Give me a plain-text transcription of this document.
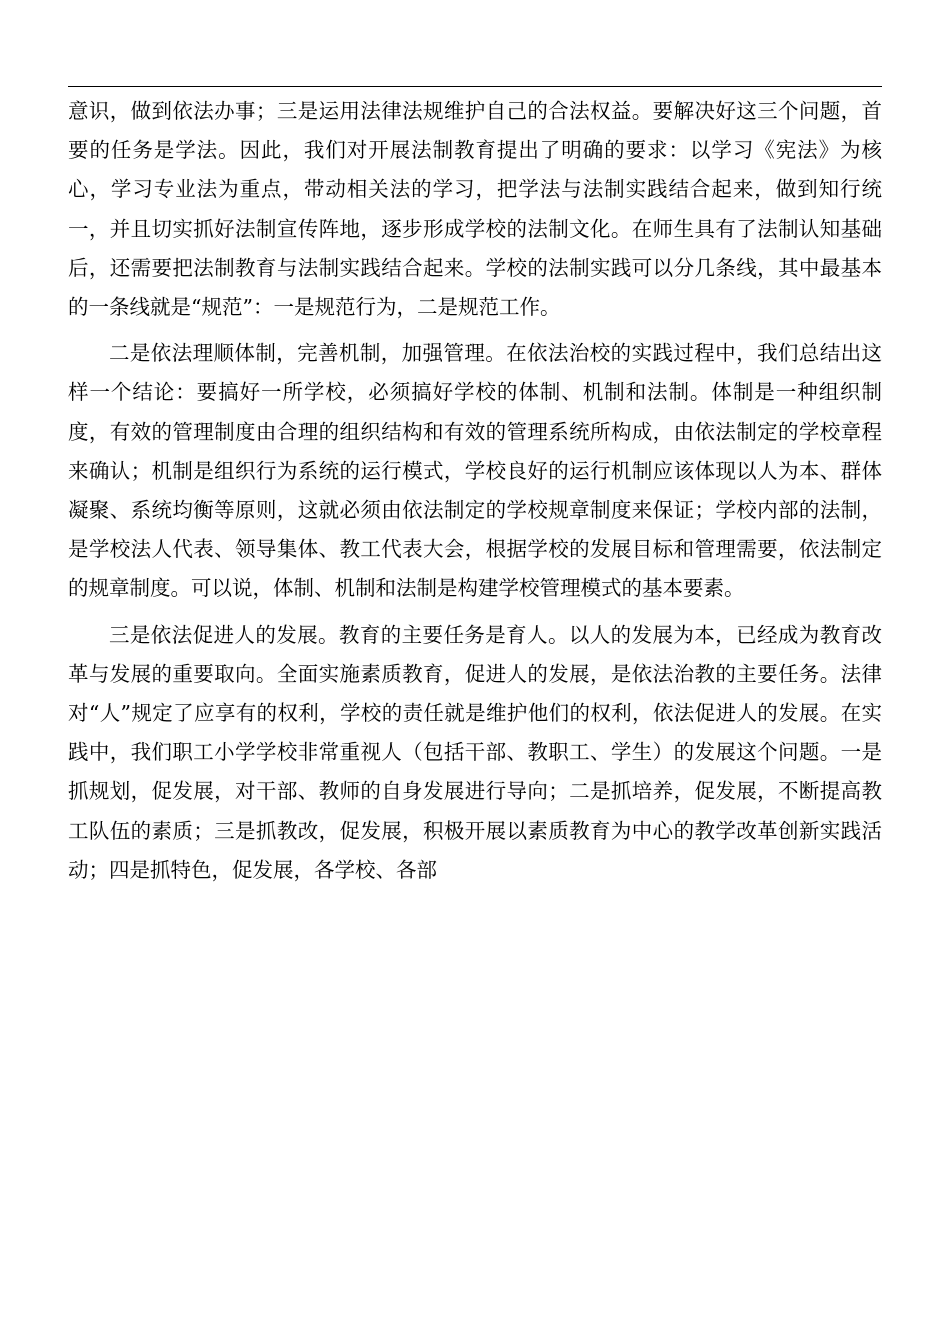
意识，做到依法办事；三是运用法律法规维护自己的合法权益。要解决好这三个问题，首要的任务是学法。因此，我们对开展法制教育提出了明确的要求：以学习《宪法》为核心，学习专业法为重点，带动相关法的学习，把学法与法制实践结合起来，做到知行统一，并且切实抓好法制宣传阵地，逐步形成学校的法制文化。在师生具有了法制认知基础后，还需要把法制教育与法制实践结合起来。学校的法制实践可以分几条线，其中最基本的一条线就是“规范”：一是规范行为，二是规范工作。

二是依法理顺体制，完善机制，加强管理。在依法治校的实践过程中，我们总结出这样一个结论：要搞好一所学校，必须搞好学校的体制、机制和法制。体制是一种组织制度，有效的管理制度由合理的组织结构和有效的管理系统所构成，由依法制定的学校章程来确认；机制是组织行为系统的运行模式，学校良好的运行机制应该体现以人为本、群体凝聚、系统均衡等原则，这就必须由依法制定的学校规章制度来保证；学校内部的法制，是学校法人代表、领导集体、教工代表大会，根据学校的发展目标和管理需要，依法制定的规章制度。可以说，体制、机制和法制是构建学校管理模式的基本要素。

三是依法促进人的发展。教育的主要任务是育人。以人的发展为本，已经成为教育改革与发展的重要取向。全面实施素质教育，促进人的发展，是依法治教的主要任务。法律对“人”规定了应享有的权利，学校的责任就是维护他们的权利，依法促进人的发展。在实践中，我们职工小学学校非常重视人（包括干部、教职工、学生）的发展这个问题。一是抓规划，促发展，对干部、教师的自身发展进行导向；二是抓培养，促发展，不断提高教工队伍的素质；三是抓教改，促发展，积极开展以素质教育为中心的教学改革创新实践活动；四是抓特色，促发展，各学校、各部
